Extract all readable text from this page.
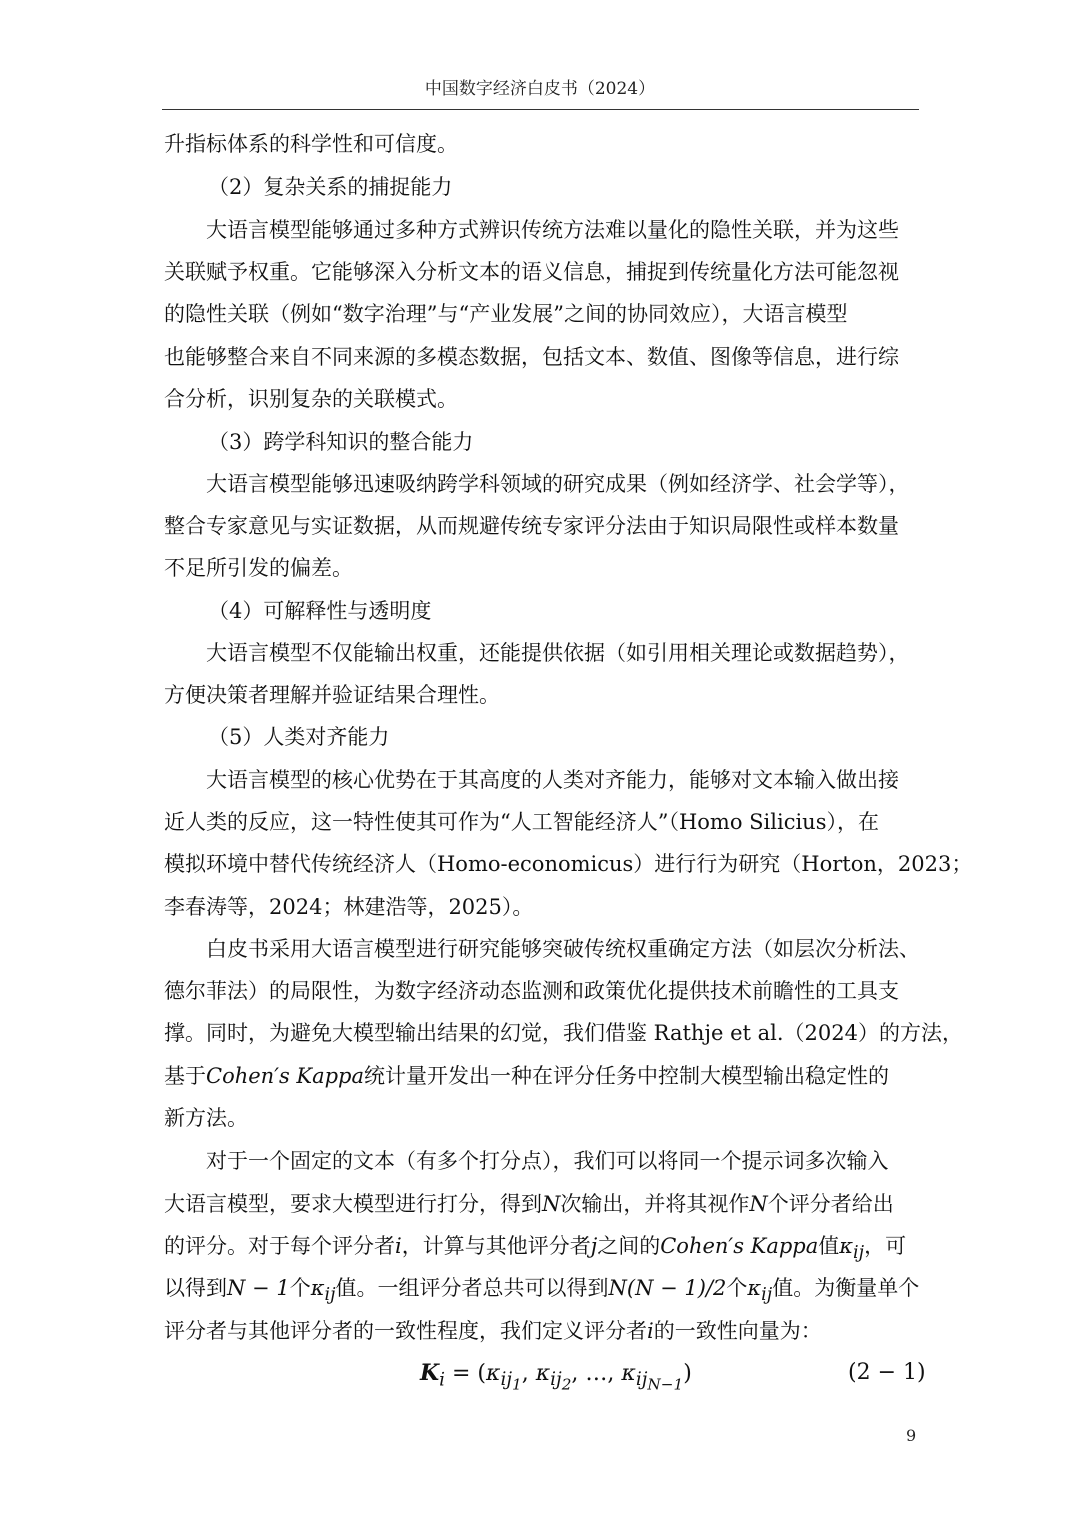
中国数字经济白皮书（2024）
升指标体系的科学性和可信度。
（2）复杂关系的捕捉能力
大语言模型能够通过多种方式辨识传统方法难以量化的隐性关联，并为这些
关联赋予权重。它能够深入分析文本的语义信息，捕捉到传统量化方法可能忽视
的隐性关联（例如“数字治理”与“产业发展”之间的协同效应），大语言模型
也能够整合来自不同来源的多模态数据，包括文本、数值、图像等信息，进行综
合分析，识别复杂的关联模式。
（3）跨学科知识的整合能力
大语言模型能够迅速吸纳跨学科领域的研究成果（例如经济学、社会学等），
整合专家意见与实证数据，从而规避传统专家评分法由于知识局限性或样本数量
不足所引发的偏差。
（4）可解释性与透明度
大语言模型不仅能输出权重，还能提供依据（如引用相关理论或数据趋势），
方便决策者理解并验证结果合理性。
（5）人类对齐能力
大语言模型的核心优势在于其高度的人类对齐能力，能够对文本输入做出接
近人类的反应，这一特性使其可作为“人工智能经济人”（Homo Silicius），在
模拟环境中替代传统经济人（Homo-economicus）进行行为研究（Horton，2023；
李春涛等，2024；林建浩等，2025）。
白皮书采用大语言模型进行研究能够突破传统权重确定方法（如层次分析法、
德尔菲法）的局限性，为数字经济动态监测和政策优化提供技术前瞻性的工具支
撑。同时，为避免大模型输出结果的幻觉，我们借鉴 Rathje et al.（2024）的方法，
基于Cohen′s Kappa统计量开发出一种在评分任务中控制大模型输出稳定性的
新方法。
对于一个固定的文本（有多个打分点），我们可以将同一个提示词多次输入
大语言模型，要求大模型进行打分，得到N次输出，并将其视作N个评分者给出
的评分。对于每个评分者i，计算与其他评分者j之间的Cohen′s Kappa值$\kappa_{ij}$，可
以得到N − 1个$\kappa_{ij}$值。一组评分者总共可以得到N(N − 1)/2个$\kappa_{ij}$值。为衡量单个
评分者与其他评分者的一致性程度，我们定义评分者i的一致性向量为：
$K_i = (\kappa_{ij_1}$, $\kappa_{ij_2}$, …, $\kappa_{ij_{N-1}}$)	(2 − 1)
9
